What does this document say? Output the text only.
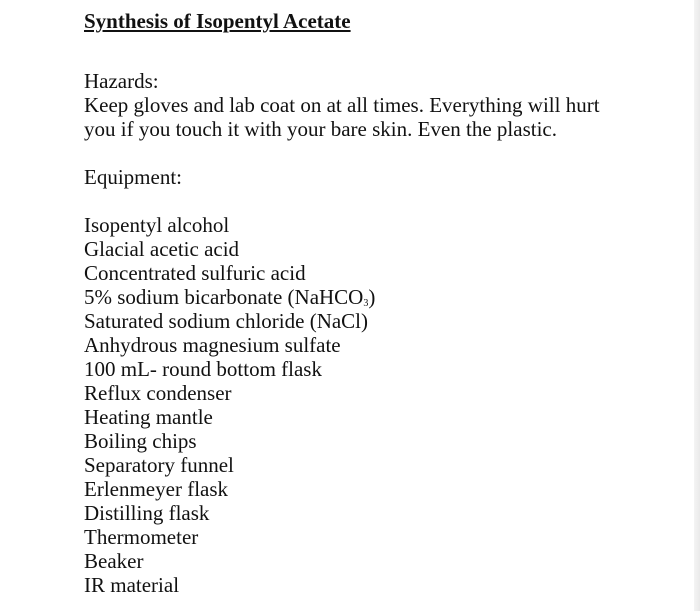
Synthesis of Isopentyl Acetate
Hazards:
Keep gloves and lab coat on at all times. Everything will hurt you if you touch it with your bare skin. Even the plastic.
Equipment:
Isopentyl alcohol
Glacial acetic acid
Concentrated sulfuric acid
5% sodium bicarbonate (NaHCO$_3$)
Saturated sodium chloride (NaCl)
Anhydrous magnesium sulfate
100 mL- round bottom flask
Reflux condenser
Heating mantle
Boiling chips
Separatory funnel
Erlenmeyer flask
Distilling flask
Thermometer
Beaker
IR material
